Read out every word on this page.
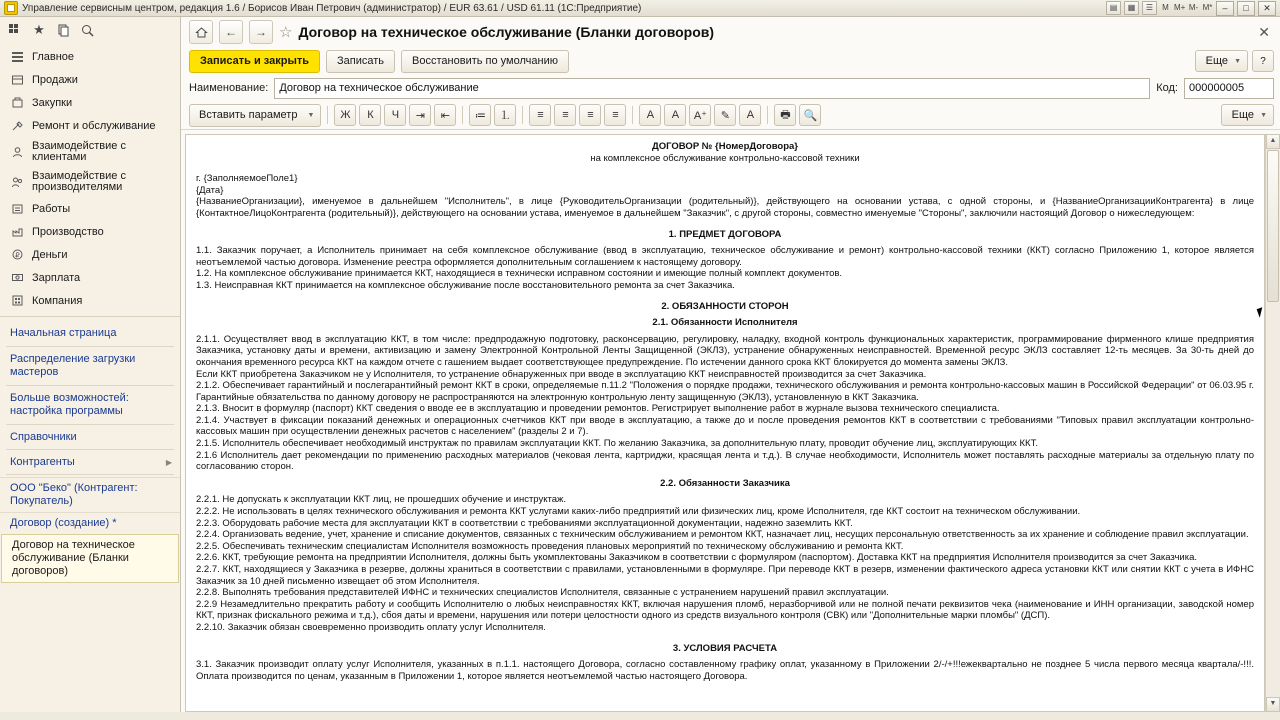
Управление сервисным центром, редакция 1.6 / Борисов Иван Петрович (администратор) / EUR 63.61 / USD 61.11 (1С:Предприятие)	▤	▦	☰	M M+ M- M*	–	□	✕
★
Главное
Продажи
Закупки
Ремонт и обслуживание
Взаимодействие с клиентами
Взаимодействие с производителями
Работы
Производство
₽ Деньги
Зарплата
Компания
Начальная страница
Распределение загрузки мастеров
Больше возможностей: настройка программы
Справочники
Контрагенты	▶
ООО "Беко" (Контрагент: Покупатель)
Договор (создание) *
Договор на техническое обслуживание (Бланки договоров)
←	→ ☆ Договор на техническое обслуживание (Бланки договоров)	✕
Записать и закрыть	Записать	Восстановить по умолчанию	Еще ▼	?
Наименование:	Договор на техническое обслуживание	Код:	000000005
Вставить параметр ▼	Ж	К	Ч	⇥	⇤	≔	⒈	≡	≡	≡	≡	А	А	A⁺	✎	A	🖶	🔍	Еще ▼

ДОГОВОР № {НомерДоговора}

на комплексное обслуживание контрольно-кассовой техники

г. {ЗаполняемоеПоле1}

{Дата}

{НазваниеОрганизации}, именуемое в дальнейшем "Исполнитель", в лице {РуководительОрганизации (родительный)}, действующего на основании устава, с одной стороны, и {НазваниеОрганизацииКонтрагента} в лице {КонтактноеЛицоКонтрагента (родительный)}, действующего на основании устава, именуемое в дальнейшем "Заказчик", с другой стороны, совместно именуемые "Стороны", заключили настоящий Договор о нижеследующем:

1. ПРЕДМЕТ ДОГОВОРА

1.1. Заказчик поручает, а Исполнитель принимает на себя комплексное обслуживание (ввод в эксплуатацию, техническое обслуживание и ремонт) контрольно-кассовой техники (ККТ) согласно Приложению 1, которое является неотъемлемой частью договора. Изменение реестра оформляется дополнительным соглашением к настоящему договору.

1.2. На комплексное обслуживание принимается ККТ, находящиеся в технически исправном состоянии и имеющие полный комплект документов.

1.3. Неисправная ККТ принимается на комплексное обслуживание после восстановительного ремонта за счет Заказчика.

2. ОБЯЗАННОСТИ СТОРОН

2.1. Обязанности Исполнителя

2.1.1. Осуществляет ввод в эксплуатацию ККТ, в том числе: предпродажную подготовку, расконсервацию, регулировку, наладку, входной контроль функциональных характеристик, программирование фирменного клише предприятия Заказчика, установку даты и времени, активизацию и замену Электронной Контрольной Ленты Защищенной (ЭКЛЗ), устранение обнаруженных неисправностей. Временной ресурс ЭКЛЗ составляет 12-ть месяцев. За 30-ть дней до окончания временного ресурса ККТ на каждом отчете с гашением выдает соответствующее предупреждение. По истечении данного срока ККТ блокируется до момента замены ЭКЛЗ.

Если ККТ приобретена Заказчиком не у Исполнителя, то устранение обнаруженных при вводе в эксплуатацию ККТ неисправностей производится за счет Заказчика.

2.1.2. Обеспечивает гарантийный и послегарантийный ремонт ККТ в сроки, определяемые п.11.2 "Положения о порядке продажи, технического обслуживания и ремонта контрольно-кассовых машин в Российской Федерации" от 06.03.95 г. Гарантийные обязательства по данному договору не распространяются на электронную контрольную ленту защищенную (ЭКЛЗ), установленную в ККТ Заказчика.

2.1.3. Вносит в формуляр (паспорт) ККТ сведения о вводе ее в эксплуатацию и проведении ремонтов. Регистрирует выполнение работ в журнале вызова технического специалиста.

2.1.4. Участвует в фиксации показаний денежных и операционных счетчиков ККТ при вводе в эксплуатацию, а также до и после проведения ремонтов ККТ в соответствии с требованиями "Типовых правил эксплуатации контрольно-кассовых машин при осуществлении денежных расчетов с населением" (разделы 2 и 7).

2.1.5. Исполнитель обеспечивает необходимый инструктаж по правилам эксплуатации ККТ. По желанию Заказчика, за дополнительную плату, проводит обучение лиц, эксплуатирующих ККТ.

2.1.6 Исполнитель дает рекомендации по применению расходных материалов (чековая лента, картриджи, красящая лента и т.д.). В случае необходимости, Исполнитель может поставлять расходные материалы за отдельную плату по согласованию сторон.

2.2. Обязанности Заказчика

2.2.1. Не допускать к эксплуатации ККТ лиц, не прошедших обучение и инструктаж.

2.2.2. Не использовать в целях технического обслуживания и ремонта ККТ услугами каких-либо предприятий или физических лиц, кроме Исполнителя, где ККТ состоит на техническом обслуживании.

2.2.3. Оборудовать рабочие места для эксплуатации ККТ в соответствии с требованиями эксплуатационной документации, надежно заземлить ККТ.

2.2.4. Организовать ведение, учет, хранение и списание документов, связанных с техническим обслуживанием и ремонтом ККТ, назначает лиц, несущих персональную ответственность за их хранение и соблюдение правил эксплуатации.

2.2.5. Обеспечивать техническим специалистам Исполнителя возможность проведения плановых мероприятий по техническому обслуживанию и ремонта ККТ.

2.2.6. ККТ, требующие ремонта на предприятии Исполнителя, должны быть укомплектованы Заказчиком в соответствии с формуляром (паспортом). Доставка ККТ на предприятия Исполнителя производится за счет Заказчика.

2.2.7. ККТ, находящиеся у Заказчика в резерве, должны храниться в соответствии с правилами, установленными в формуляре. При переводе ККТ в резерв, изменении фактического адреса установки ККТ или снятии ККТ с учета в ИФНС Заказчик за 10 дней письменно извещает об этом Исполнителя.

2.2.8. Выполнять требования представителей ИФНС и технических специалистов Исполнителя, связанные с устранением нарушений правил эксплуатации.

2.2.9 Незамедлительно прекратить работу и сообщить Исполнителю о любых неисправностях ККТ, включая нарушения пломб, неразборчивой или не полной печати реквизитов чека (наименование и ИНН организации, заводской номер ККТ, признак фискального режима и т.д.), сбоя даты и времени, нарушения или потери целостности одного из средств визуального контроля (СВК) или "Дополнительные марки пломбы" (ДСП).

2.2.10. Заказчик обязан своевременно производить оплату услуг Исполнителя.

3. УСЛОВИЯ РАСЧЕТА

3.1. Заказчик производит оплату услуг Исполнителя, указанных в п.1.1. настоящего Договора, согласно составленному графику оплат, указанному в Приложении 2/-/+!!!ежеквартально не позднее 5 числа первого месяца квартала/-!!!. Оплата производится по ценам, указанным в Приложении 1, которое является неотъемлемой частью настоящего Договора.

▲
▼
